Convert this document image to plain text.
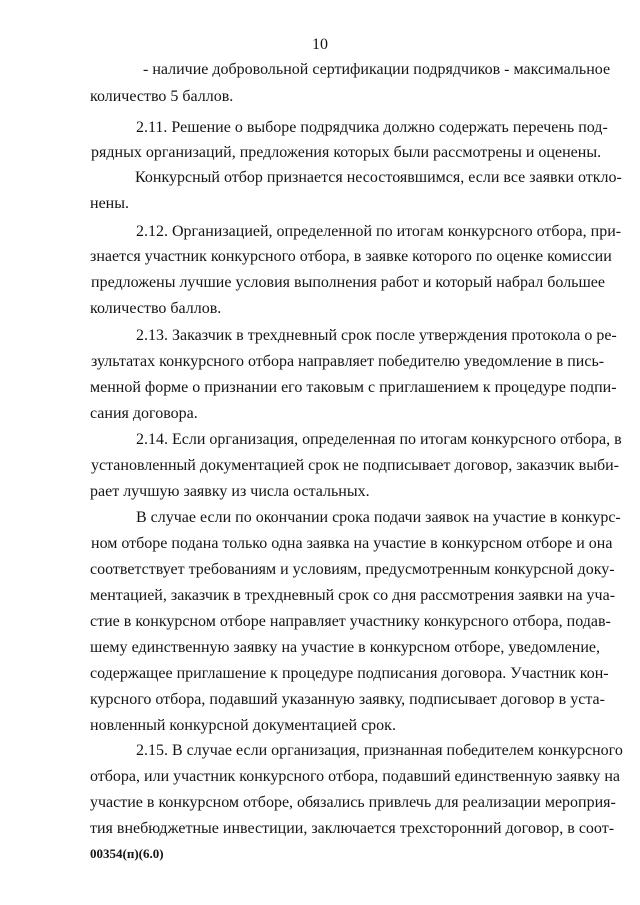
10
- наличие добровольной сертификации подрядчиков - максимальное
количество 5 баллов.
2.11. Решение о выборе подрядчика должно содержать перечень под-
рядных организаций, предложения которых были рассмотрены и оценены.
Конкурсный отбор признается несостоявшимся, если все заявки откло-
нены.
2.12. Организацией, определенной по итогам конкурсного отбора, при-
знается участник конкурсного отбора, в заявке которого по оценке комиссии
предложены лучшие условия выполнения работ и который набрал большее
количество баллов.
2.13. Заказчик в трехдневный срок после утверждения протокола о ре-
зультатах конкурсного отбора направляет победителю уведомление в пись-
менной форме о признании его таковым с приглашением к процедуре подпи-
сания договора.
2.14. Если организация, определенная по итогам конкурсного отбора, в
установленный документацией срок не подписывает договор, заказчик выби-
рает лучшую заявку из числа остальных.
В случае если по окончании срока подачи заявок на участие в конкурс-
ном отборе подана только одна заявка на участие в конкурсном отборе и она
соответствует требованиям и условиям, предусмотренным конкурсной доку-
ментацией, заказчик в трехдневный срок со дня рассмотрения заявки на уча-
стие в конкурсном отборе направляет участнику конкурсного отбора, подав-
шему единственную заявку на участие в конкурсном отборе, уведомление,
содержащее приглашение к процедуре подписания договора. Участник кон-
курсного отбора, подавший указанную заявку, подписывает договор в уста-
новленный конкурсной документацией срок.
2.15. В случае если организация, признанная победителем конкурсного
отбора, или участник конкурсного отбора, подавший единственную заявку на
участие в конкурсном отборе, обязались привлечь для реализации мероприя-
тия внебюджетные инвестиции, заключается трехсторонний договор, в соот-
00354(п)(6.0)
